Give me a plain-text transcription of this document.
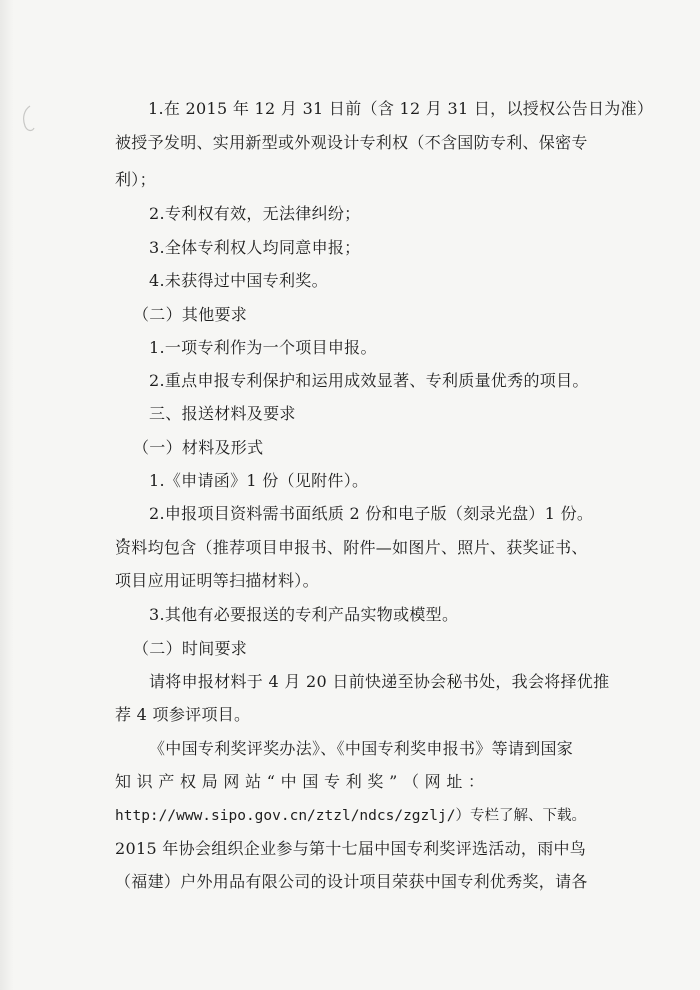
1.在 2015 年 12 月 31 日前（含 12 月 31 日，以授权公告日为准）
被授予发明、实用新型或外观设计专利权（不含国防专利、保密专
利）；
2.专利权有效，无法律纠纷；
3.全体专利权人均同意申报；
4.未获得过中国专利奖。
（二）其他要求
1.一项专利作为一个项目申报。
2.重点申报专利保护和运用成效显著、专利质量优秀的项目。
三、报送材料及要求
（一）材料及形式
1.《申请函》1 份（见附件）。
2.申报项目资料需书面纸质 2 份和电子版（刻录光盘）1 份。
资料均包含（推荐项目申报书、附件—如图片、照片、获奖证书、
项目应用证明等扫描材料）。
3.其他有必要报送的专利产品实物或模型。
（二）时间要求
请将申报材料于 4 月 20 日前快递至协会秘书处，我会将择优推
荐 4 项参评项目。
《中国专利奖评奖办法》、《中国专利奖申报书》等请到国家
知 识 产 权 局 网 站 “ 中 国 专 利 奖 ” （ 网 址 ：
http://www.sipo.gov.cn/ztzl/ndcs/zgzlj/）专栏了解、下载。
2015 年协会组织企业参与第十七届中国专利奖评选活动，雨中鸟
（福建）户外用品有限公司的设计项目荣获中国专利优秀奖，请各
